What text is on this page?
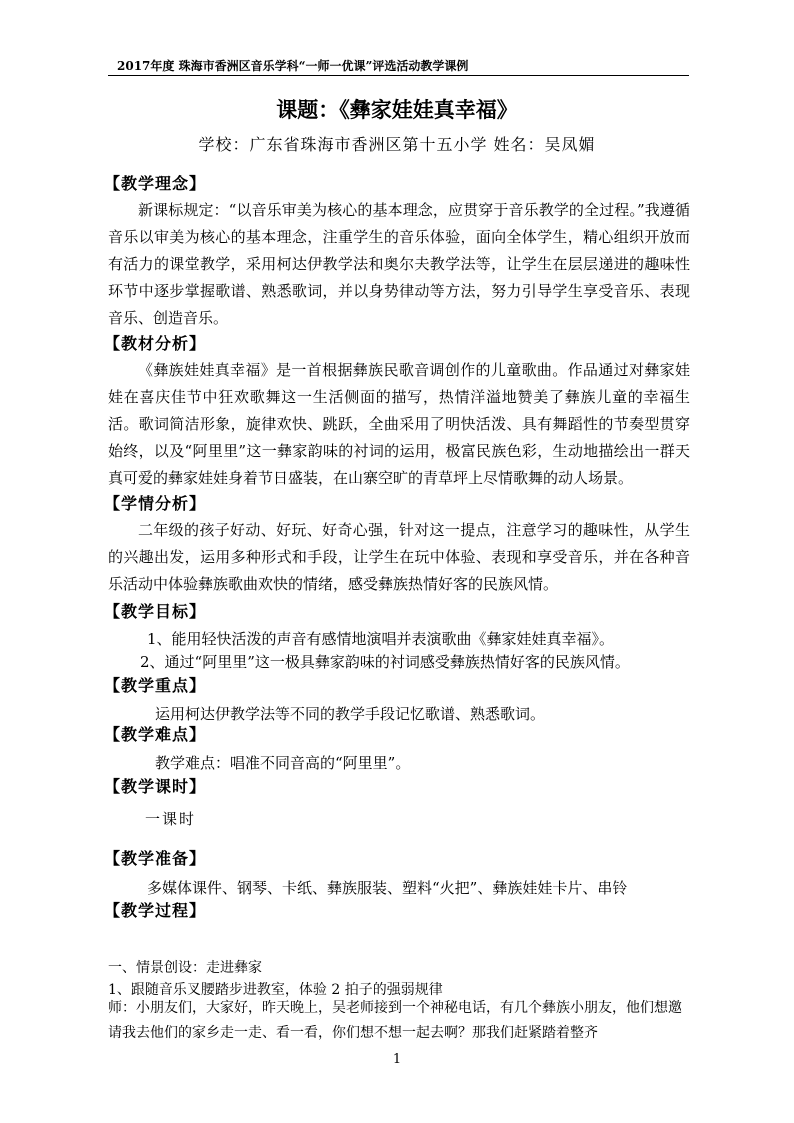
2017年度 珠海市香洲区音乐学科“一师一优课”评选活动教学课例
课题：《彝家娃娃真幸福》
学校：广东省珠海市香洲区第十五小学 姓名：吴凤媚
【教学理念】

新课标规定：“以音乐审美为核心的基本理念，应贯穿于音乐教学的全过程。”我遵循音乐以审美为核心的基本理念，注重学生的音乐体验，面向全体学生，精心组织开放而有活力的课堂教学，采用柯达伊教学法和奥尔夫教学法等，让学生在层层递进的趣味性环节中逐步掌握歌谱、熟悉歌词，并以身势律动等方法，努力引导学生享受音乐、表现音乐、创造音乐。

【教材分析】

《彝族娃娃真幸福》是一首根据彝族民歌音调创作的儿童歌曲。作品通过对彝家娃娃在喜庆佳节中狂欢歌舞这一生活侧面的描写，热情洋溢地赞美了彝族儿童的幸福生活。歌词简洁形象，旋律欢快、跳跃，全曲采用了明快活泼、具有舞蹈性的节奏型贯穿始终，以及“阿里里”这一彝家韵味的衬词的运用，极富民族色彩，生动地描绘出一群天真可爱的彝家娃娃身着节日盛装，在山寨空旷的青草坪上尽情歌舞的动人场景。

【学情分析】

二年级的孩子好动、好玩、好奇心强，针对这一提点，注意学习的趣味性，从学生的兴趣出发，运用多种形式和手段，让学生在玩中体验、表现和享受音乐，并在各种音乐活动中体验彝族歌曲欢快的情绪，感受彝族热情好客的民族风情。

【教学目标】
1、能用轻快活泼的声音有感情地演唱并表演歌曲《彝家娃娃真幸福》。
2、通过“阿里里”这一极具彝家韵味的衬词感受彝族热情好客的民族风情。
【教学重点】
运用柯达伊教学法等不同的教学手段记忆歌谱、熟悉歌词。
【教学难点】
教学难点：唱准不同音高的“阿里里”。
【教学课时】
一课时
【教学准备】
多媒体课件、钢琴、卡纸、彝族服装、塑料“火把”、彝族娃娃卡片、串铃
【教学过程】
一、情景创设：走进彝家
1、跟随音乐叉腰踏步进教室，体验 2 拍子的强弱规律

师：小朋友们，大家好，昨天晚上，吴老师接到一个神秘电话，有几个彝族小朋友，他们想邀请我去他们的家乡走一走、看一看，你们想不想一起去啊？那我们赶紧踏着整齐

1
